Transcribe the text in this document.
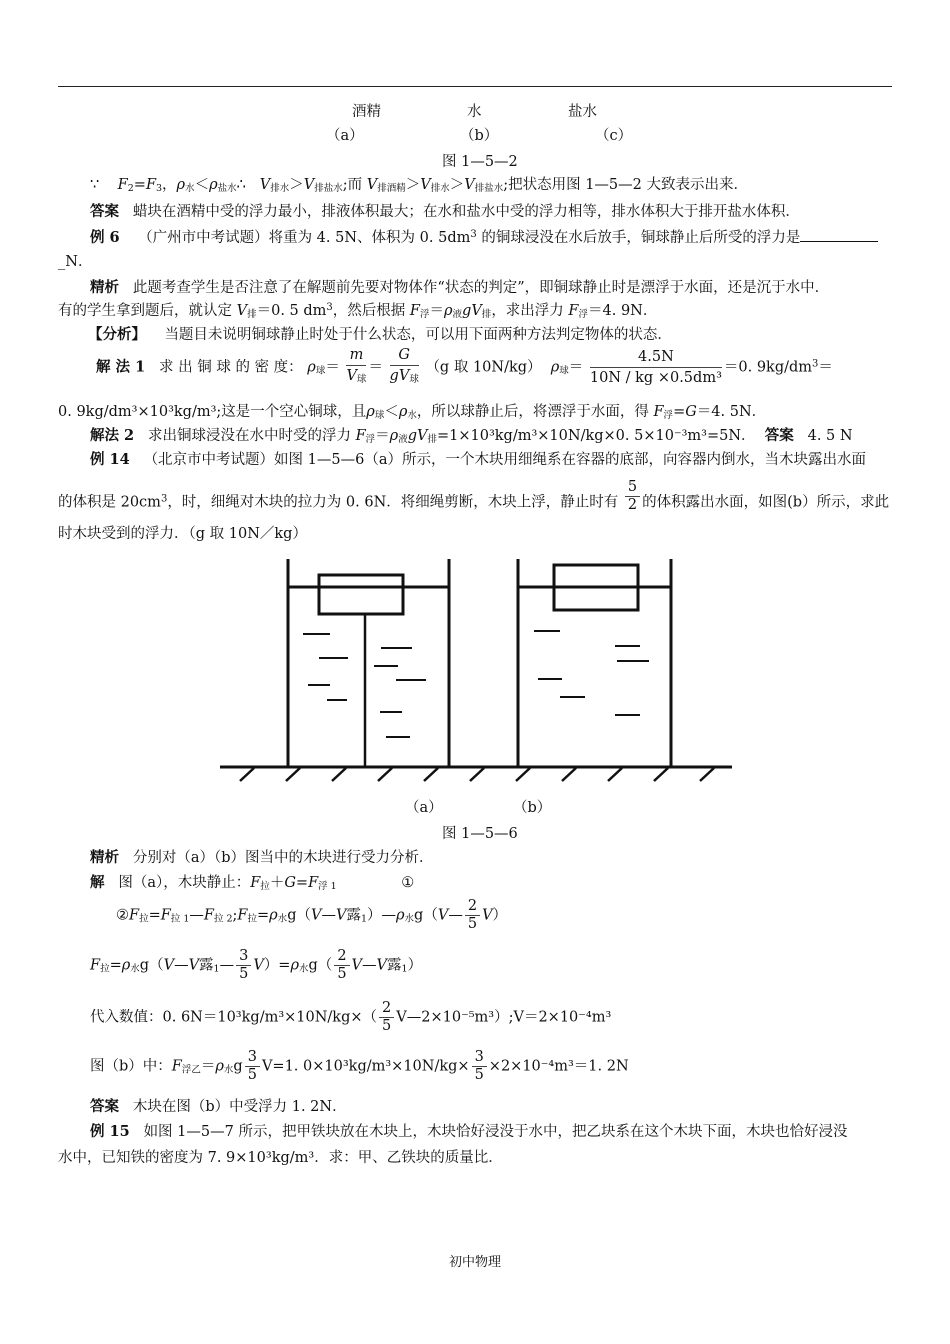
酒精	水	盐水
（a）	（b）	（c）
图 1—5—2
∵ $F_2=F_3$，$\rho_水<\rho_{盐水}\therefore$   $V_{排水}>V_{排盐水}$;而 $V_{排酒精}>V_{排水}>V_{排盐水}$;把状态用图 1—5—2 大致表示出来．
答案 蜡块在酒精中受的浮力最小，排液体积最大；在水和盐水中受的浮力相等，排水体积大于排开盐水体积．
例 6 （广州市中考试题）将重为 4. 5N、体积为 0. $5dm^3$ 的铜球浸没在水后放手，铜球静止后所受的浮力是
_N．
精析 此题考查学生是否注意了在解题前先要对物体作“状态的判定”，即铜球静止时是漂浮于水面，还是沉于水中．
有的学生拿到题后，就认定 $V_排=0$. 5 $dm^3$，然后根据 $F_浮=\rho_液gV_排$，求出浮力 $F_浮=4$. 9N．
【分析】 当题目未说明铜球静止时处于什么状态，可以用下面两种方法判定物体的状态．
解 法 1 求 出 铜 球 的 密 度： $\rho_球= \frac{m}{V_球} = \frac{G}{gV_球} (g$ 取 10N/kg） $\rho_球= \frac{4.5N}{\text{10N / kg ×0.5dm³}} =0$. $9kg/dm^3=$
0. 9kg/dm³×10³kg/m³;这是一个空心铜球，且$\rho_球<\rho_水$，所以球静止后，将漂浮于水面，得 $F_浮=G=4$. 5N．
解法 2 求出铜球浸没在水中时受的浮力 $F_浮=\rho_液gV_排=1\times 10^3kg/m^3\times 10N/kg\times 0$. 5×10⁻³m³=5N． 答案 4. 5 N
例 14 （北京市中考试题）如图 1—5—6（a）所示，一个木块用细绳系在容器的底部，向容器内倒水，当木块露出水面
的体积是 $20cm^3$，时，细绳对木块的拉力为 0. 6N．将细绳剪断，木块上浮，静止时有 $\frac{5}{2}$ 的体积露出水面，如图(b）所示，求此
时木块受到的浮力．（g 取 10N／kg）
（a）	（b）
图 1—5—6
精析 分别对（a）（b）图当中的木块进行受力分析．
解 图（a），木块静止：$F_拉+G=F_{浮 1}$	①
$②F_拉=F_{拉 1}—F_{拉 2};F_拉=\rho_水g(V—V$露$_1)—\rho_水g(V— \frac{2}{5} V)$
$F_拉=\rho_水g(V—V$露$_1$— $\frac{3}{5} V)=\rho_水g( \frac{2}{5}$ V—V露$_1$）
代入数值：0. $6N=10^3kg/m^3\times 10N/kg\times( \frac{2}{5}$ V—2×10⁻⁵m³）;V＝2×10⁻⁴m³
图（b）中：$F_{浮乙}=\rho_水g \frac{3}{5} V=1$. $0\times 10^3kg/m^3\times 10N/kg\times \frac{3}{5} \times 2\times 10^{-4}m^3=1$. 2N
答案 木块在图（b）中受浮力 1. 2N．
例 15 如图 1—5—7 所示，把甲铁块放在木块上，木块恰好浸没于水中，把乙块系在这个木块下面，木块也恰好浸没
水中，已知铁的密度为 7. 9×10³kg/m³．求：甲、乙铁块的质量比．
初中物理
